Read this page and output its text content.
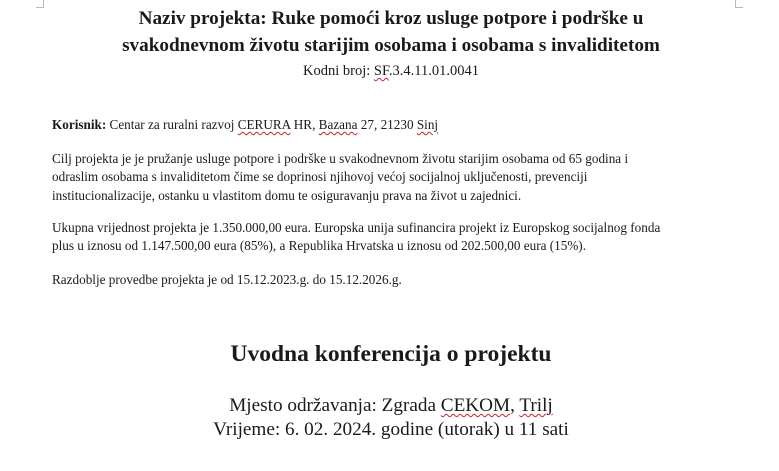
Naziv projekta: Ruke pomoći kroz usluge potpore i podrške u
svakodnevnom životu starijim osobama i osobama s invaliditetom
Kodni broj: SF.3.4.11.01.0041

Korisnik: Centar za ruralni razvoj CERURA HR, Bazana 27, 21230 Sinj

Cilj projekta je je pružanje usluge potpore i podrške u svakodnevnom životu starijim osobama od 65 godina i
odraslim osobama s invaliditetom čime se doprinosi njihovoj većoj socijalnoj uključenosti, prevenciji
institucionalizacije, ostanku u vlastitom domu te osiguravanju prava na život u zajednici.

Ukupna vrijednost projekta je 1.350.000,00 eura. Europska unija sufinancira projekt iz Europskog socijalnog fonda
plus u iznosu od 1.147.500,00 eura (85%), a Republika Hrvatska u iznosu od 202.500,00 eura (15%).

Razdoblje provedbe projekta je od 15.12.2023.g. do 15.12.2026.g.

Uvodna konferencija o projektu
Mjesto održavanja: Zgrada CEKOM, Trilj
Vrijeme: 6. 02. 2024. godine (utorak) u 11 sati
